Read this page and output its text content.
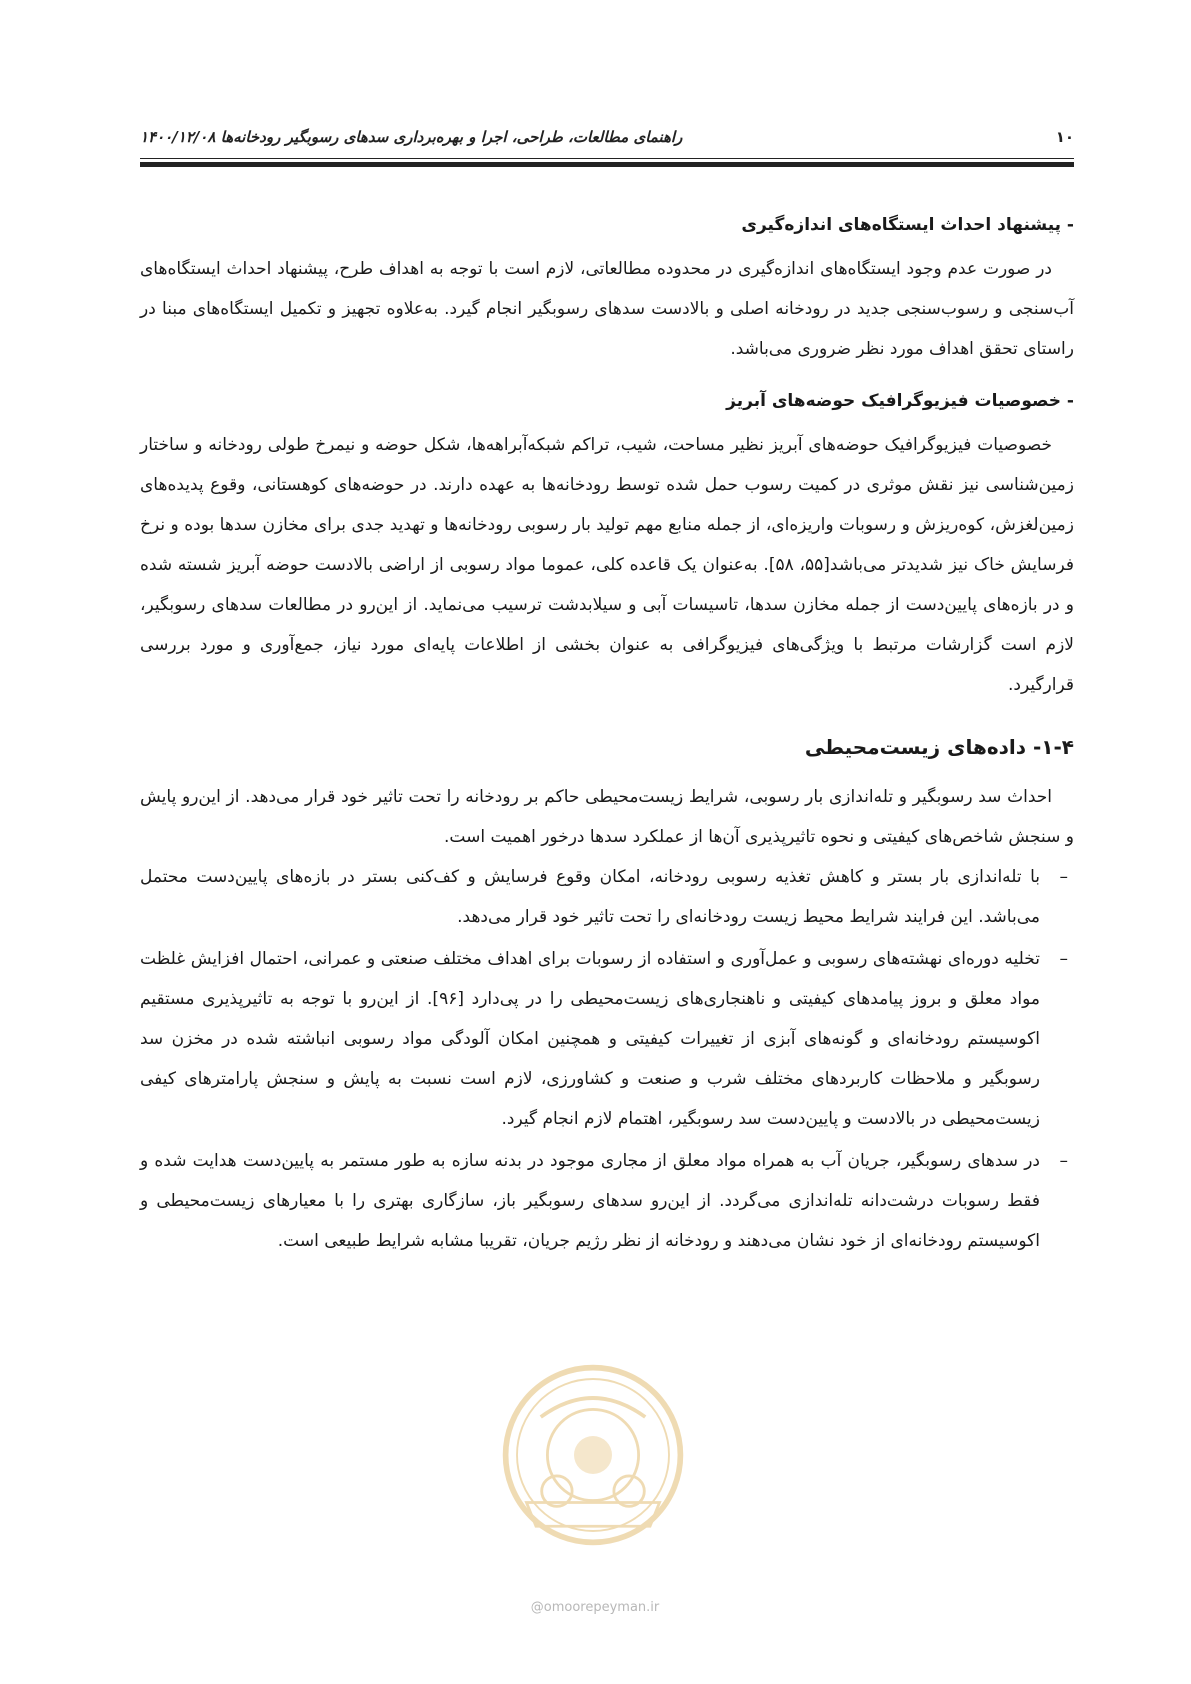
۱۰
راهنمای مطالعات، طراحی، اجرا و بهره‌برداری سدهای رسوبگیر رودخانه‌ها ۱۴۰۰/۱۲/۰۸
- پیشنهاد احداث ایستگاه‌های اندازه‌گیری

در صورت عدم وجود ایستگاه‌های اندازه‌گیری در محدوده مطالعاتی، لازم است با توجه به اهداف طرح، پیشنهاد احداث ایستگاه‌های آب‌سنجی و رسوب‌سنجی جدید در رودخانه اصلی و بالادست سدهای رسوبگیر انجام گیرد. به‌علاوه تجهیز و تکمیل ایستگاه‌های مبنا در راستای تحقق اهداف مورد نظر ضروری می‌باشد.

- خصوصیات فیزیوگرافیک حوضه‌های آبریز

خصوصیات فیزیوگرافیک حوضه‌های آبریز نظیر مساحت، شیب، تراکم شبکه‌آبراهه‌ها، شکل حوضه و نیمرخ طولی رودخانه و ساختار زمین‌شناسی نیز نقش موثری در کمیت رسوب حمل شده توسط رودخانه‌ها به عهده دارند. در حوضه‌های کوهستانی، وقوع پدیده‌های زمین‌لغزش، کوه‌ریزش و رسوبات واریزه‌ای، از جمله منابع مهم تولید بار رسوبی رودخانه‌ها و تهدید جدی برای مخازن سدها بوده و نرخ فرسایش خاک نیز شدیدتر می‌باشد[۵۵، ۵۸]. به‌عنوان یک قاعده کلی، عموما مواد رسوبی از اراضی بالادست حوضه آبریز شسته شده و در بازه‌های پایین‌دست از جمله مخازن سدها، تاسیسات آبی و سیلابدشت ترسیب می‌نماید. از این‌رو در مطالعات سدهای رسوبگیر، لازم است گزارشات مرتبط با ویژگی‌های فیزیوگرافی به عنوان بخشی از اطلاعات پایه‌ای مورد نیاز، جمع‌آوری و مورد بررسی قرارگیرد.

۱-۴- داده‌های زیست‌محیطی

احداث سد رسوبگیر و تله‌اندازی بار رسوبی، شرایط زیست‌محیطی حاکم بر رودخانه را تحت تاثیر خود قرار می‌دهد. از این‌رو پایش و سنجش شاخص‌های کیفیتی و نحوه تاثیرپذیری آن‌ها از عملکرد سدها درخور اهمیت است.

–
با تله‌اندازی بار بستر و کاهش تغذیه رسوبی رودخانه، امکان وقوع فرسایش و کف‌کنی بستر در بازه‌های پایین‌دست محتمل می‌باشد. این فرایند شرایط محیط زیست رودخانه‌ای را تحت تاثیر خود قرار می‌دهد.
–
تخلیه دوره‌ای نهشته‌های رسوبی و عمل‌آوری و استفاده از رسوبات برای اهداف مختلف صنعتی و عمرانی، احتمال افزایش غلظت مواد معلق و بروز پیامدهای کیفیتی و ناهنجاری‌های زیست‌محیطی را در پی‌دارد [۹۶]. از این‌رو با توجه به تاثیرپذیری مستقیم اکوسیستم رودخانه‌ای و گونه‌های آبزی از تغییرات کیفیتی و همچنین امکان آلودگی مواد رسوبی انباشته شده در مخزن سد رسوبگیر و ملاحظات کاربردهای مختلف شرب و صنعت و کشاورزی، لازم است نسبت به پایش و سنجش پارامترهای کیفی زیست‌محیطی در بالادست و پایین‌دست سد رسوبگیر، اهتمام لازم انجام گیرد.
–
در سدهای رسوبگیر، جریان آب به همراه مواد معلق از مجاری موجود در بدنه سازه به طور مستمر به پایین‌دست هدایت شده و فقط رسوبات درشت‌دانه تله‌اندازی می‌گردد. از این‌رو سدهای رسوبگیر باز، سازگاری بهتری را با معیارهای زیست‌محیطی و اکوسیستم رودخانه‌ای از خود نشان می‌دهند و رودخانه از نظر رژیم جریان، تقریبا مشابه شرایط طبیعی است.
@omoorepeyman.ir
